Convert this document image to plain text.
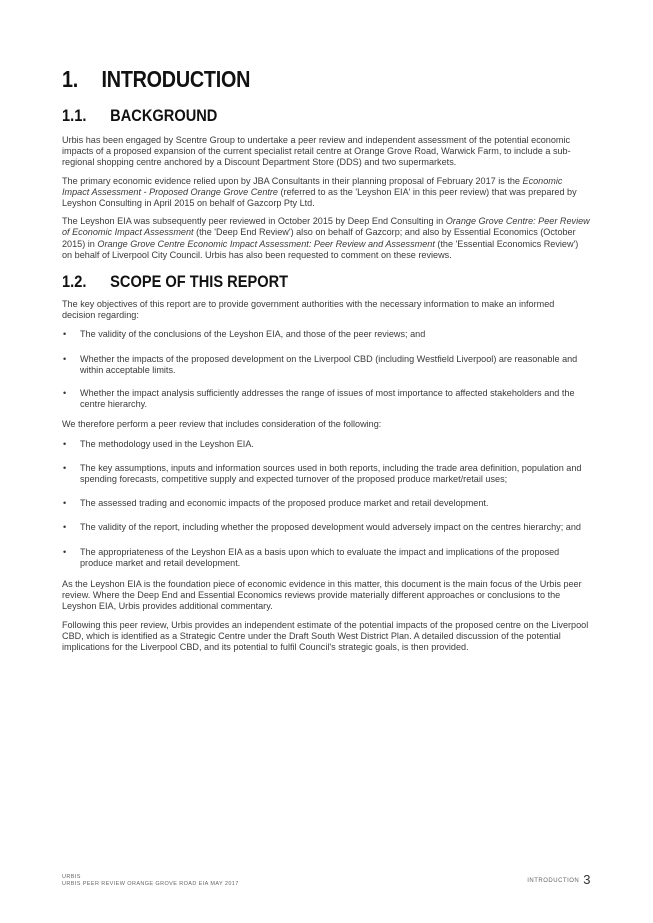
1. INTRODUCTION
1.1. BACKGROUND

Urbis has been engaged by Scentre Group to undertake a peer review and independent assessment of the potential economic impacts of a proposed expansion of the current specialist retail centre at Orange Grove Road, Warwick Farm, to include a sub-regional shopping centre anchored by a Discount Department Store (DDS) and two supermarkets.

The primary economic evidence relied upon by JBA Consultants in their planning proposal of February 2017 is the Economic Impact Assessment - Proposed Orange Grove Centre (referred to as the 'Leyshon EIA' in this peer review) that was prepared by Leyshon Consulting in April 2015 on behalf of Gazcorp Pty Ltd.

The Leyshon EIA was subsequently peer reviewed in October 2015 by Deep End Consulting in Orange Grove Centre: Peer Review of Economic Impact Assessment (the 'Deep End Review') also on behalf of Gazcorp; and also by Essential Economics (October 2015) in Orange Grove Centre Economic Impact Assessment: Peer Review and Assessment (the 'Essential Economics Review') on behalf of Liverpool City Council. Urbis has also been requested to comment on these reviews.

1.2. SCOPE OF THIS REPORT

The key objectives of this report are to provide government authorities with the necessary information to make an informed decision regarding:

• The validity of the conclusions of the Leyshon EIA, and those of the peer reviews; and
• Whether the impacts of the proposed development on the Liverpool CBD (including Westfield Liverpool) are reasonable and within acceptable limits.
• Whether the impact analysis sufficiently addresses the range of issues of most importance to affected stakeholders and the centre hierarchy.

We therefore perform a peer review that includes consideration of the following:

• The methodology used in the Leyshon EIA.
• The key assumptions, inputs and information sources used in both reports, including the trade area definition, population and spending forecasts, competitive supply and expected turnover of the proposed produce market/retail uses;
• The assessed trading and economic impacts of the proposed produce market and retail development.
• The validity of the report, including whether the proposed development would adversely impact on the centres hierarchy; and
• The appropriateness of the Leyshon EIA as a basis upon which to evaluate the impact and implications of the proposed produce market and retail development.

As the Leyshon EIA is the foundation piece of economic evidence in this matter, this document is the main focus of the Urbis peer review. Where the Deep End and Essential Economics reviews provide materially different approaches or conclusions to the Leyshon EIA, Urbis provides additional commentary.

Following this peer review, Urbis provides an independent estimate of the potential impacts of the proposed centre on the Liverpool CBD, which is identified as a Strategic Centre under the Draft South West District Plan. A detailed discussion of the potential implications for the Liverpool CBD, and its potential to fulfil Council's strategic goals, is then provided.

URBIS
URBIS PEER REVIEW ORANGE GROVE ROAD EIA MAY 2017	INTRODUCTION 3
